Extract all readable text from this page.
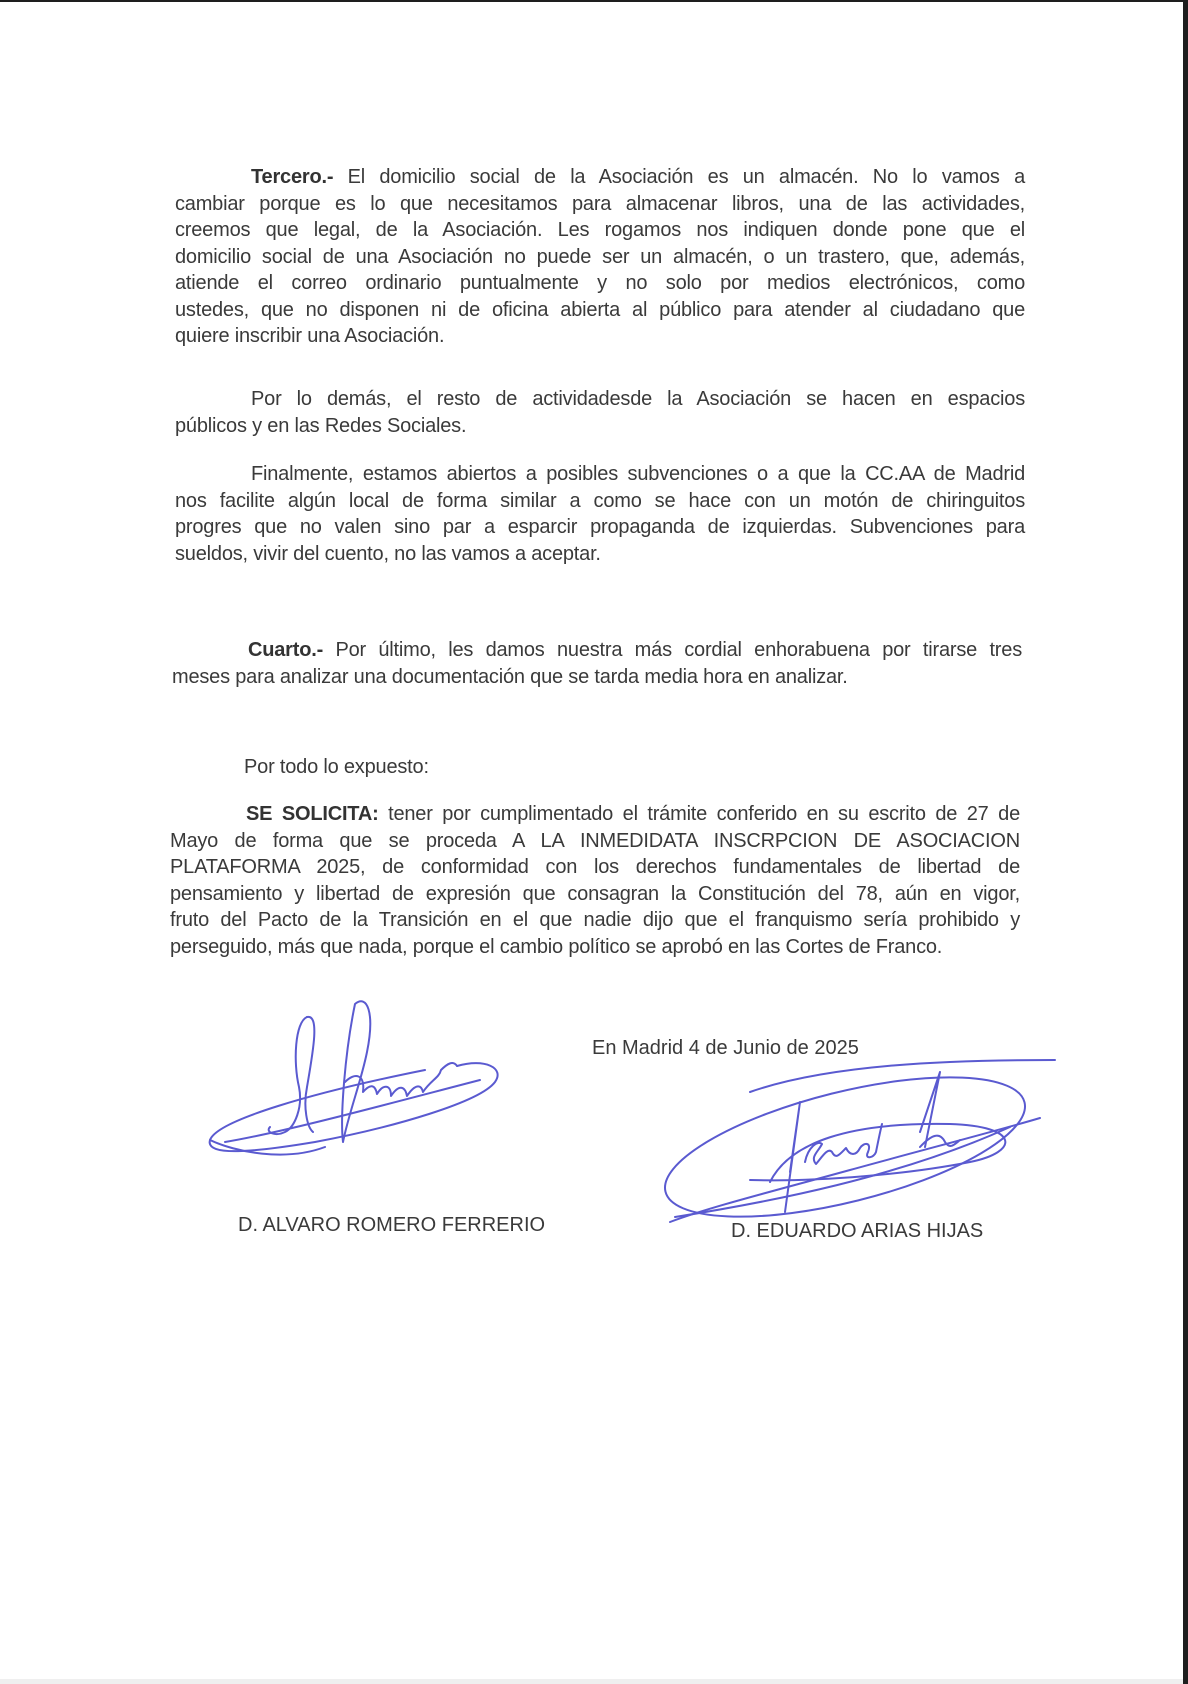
Tercero.- El domicilio social de la Asociación es un almacén. No lo vamos a
cambiar porque es lo que necesitamos para almacenar libros, una de las actividades,
creemos que legal, de la Asociación. Les rogamos nos indiquen donde pone que el
domicilio social de una Asociación no puede ser un almacén, o un trastero, que, además,
atiende el correo ordinario puntualmente y no solo por medios electrónicos, como
ustedes, que no disponen ni de oficina abierta al público para atender al ciudadano que
quiere inscribir una Asociación.
Por lo demás, el resto de actividadesde la Asociación se hacen en espacios
públicos y en las Redes Sociales.
Finalmente, estamos abiertos a posibles subvenciones o a que la CC.AA de Madrid
nos facilite algún local de forma similar a como se hace con un motón de chiringuitos
progres que no valen sino par a esparcir propaganda de izquierdas. Subvenciones para
sueldos, vivir del cuento, no las vamos a aceptar.
Cuarto.- Por último, les damos nuestra más cordial enhorabuena por tirarse tres
meses para analizar una documentación que se tarda media hora en analizar.
Por todo lo expuesto:
SE SOLICITA: tener por cumplimentado el trámite conferido en su escrito de 27 de
Mayo de forma que se proceda A LA INMEDIDATA INSCRPCION DE ASOCIACION
PLATAFORMA 2025, de conformidad con los derechos fundamentales de libertad de
pensamiento y libertad de expresión que consagran la Constitución del 78, aún en vigor,
fruto del Pacto de la Transición en el que nadie dijo que el franquismo sería prohibido y
perseguido, más que nada, porque el cambio político se aprobó en las Cortes de Franco.
En Madrid 4 de Junio de 2025
D. ALVARO ROMERO FERRERIO	D. EDUARDO ARIAS HIJAS
